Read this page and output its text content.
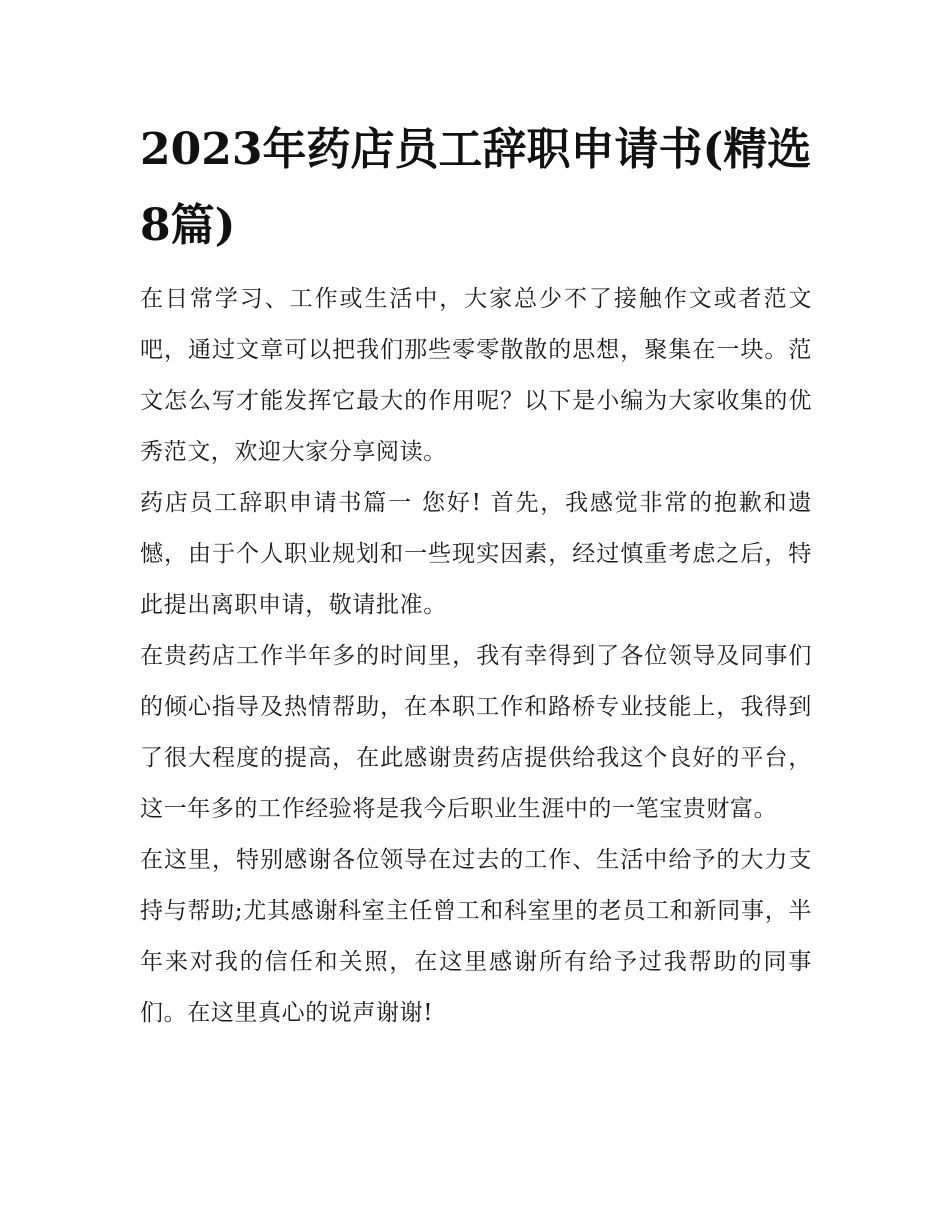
2023年药店员工辞职申请书(精选8篇)

在日常学习、工作或生活中，大家总少不了接触作文或者范文吧，通过文章可以把我们那些零零散散的思想，聚集在一块。范文怎么写才能发挥它最大的作用呢？以下是小编为大家收集的优秀范文，欢迎大家分享阅读。

药店员工辞职申请书篇一 您好! 首先，我感觉非常的抱歉和遗憾，由于个人职业规划和一些现实因素，经过慎重考虑之后，特此提出离职申请，敬请批准。

在贵药店工作半年多的时间里，我有幸得到了各位领导及同事们的倾心指导及热情帮助，在本职工作和路桥专业技能上，我得到了很大程度的提高，在此感谢贵药店提供给我这个良好的平台，这一年多的工作经验将是我今后职业生涯中的一笔宝贵财富。

在这里，特别感谢各位领导在过去的工作、生活中给予的大力支持与帮助;尤其感谢科室主任曾工和科室里的老员工和新同事，半年来对我的信任和关照，在这里感谢所有给予过我帮助的同事们。在这里真心的说声谢谢!
